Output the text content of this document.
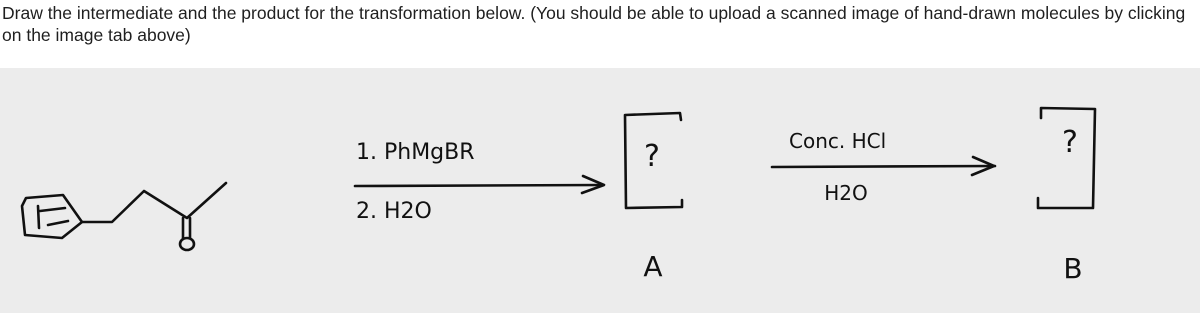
Draw the intermediate and the product for the transformation below. (You should be able to upload a scanned image of hand-drawn molecules by clicking on the image tab above)

1. PhMgBR
2. H2O
?
A
Conc. HCl
H2O
?
B
